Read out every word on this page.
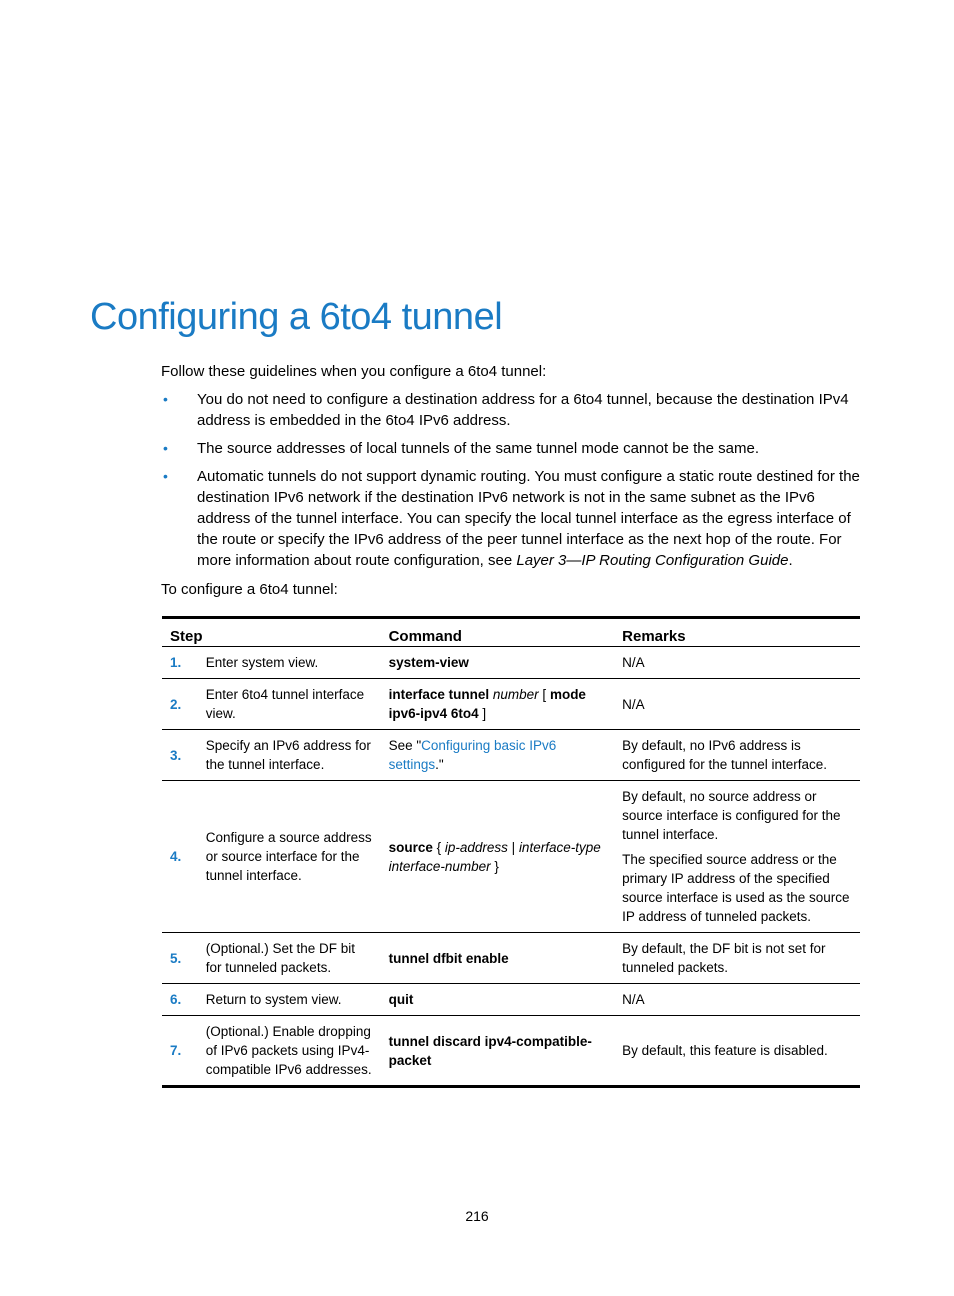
Configuring a 6to4 tunnel
Follow these guidelines when you configure a 6to4 tunnel:
• You do not need to configure a destination address for a 6to4 tunnel, because the destination IPv4 address is embedded in the 6to4 IPv6 address.
• The source addresses of local tunnels of the same tunnel mode cannot be the same.
• Automatic tunnels do not support dynamic routing. You must configure a static route destined for the destination IPv6 network if the destination IPv6 network is not in the same subnet as the IPv6 address of the tunnel interface. You can specify the local tunnel interface as the egress interface of the route or specify the IPv6 address of the peer tunnel interface as the next hop of the route. For more information about route configuration, see Layer 3—IP Routing Configuration Guide.
To configure a 6to4 tunnel:
Step		Command	Remarks
1.	Enter system view.	system-view	N/A

2.	Enter 6to4 tunnel interface view.	interface tunnel number [ mode ipv6-ipv4 6to4 ]	N/A

3.	Specify an IPv6 address for the tunnel interface.	See "Configuring basic IPv6 settings."	By default, no IPv6 address is configured for the tunnel interface.

4.	Configure a source address or source interface for the tunnel interface.	source { ip-address | interface-type interface-number }	By default, no source address or source interface is configured for the tunnel interface.

The specified source address or the primary IP address of the specified source interface is used as the source IP address of tunneled packets.

5.	(Optional.) Set the DF bit for tunneled packets.	tunnel dfbit enable	By default, the DF bit is not set for tunneled packets.

6.	Return to system view.	quit	N/A

7.	(Optional.) Enable dropping of IPv6 packets using IPv4-compatible IPv6 addresses.	tunnel discard ipv4-compatible-packet	By default, this feature is disabled.

216
